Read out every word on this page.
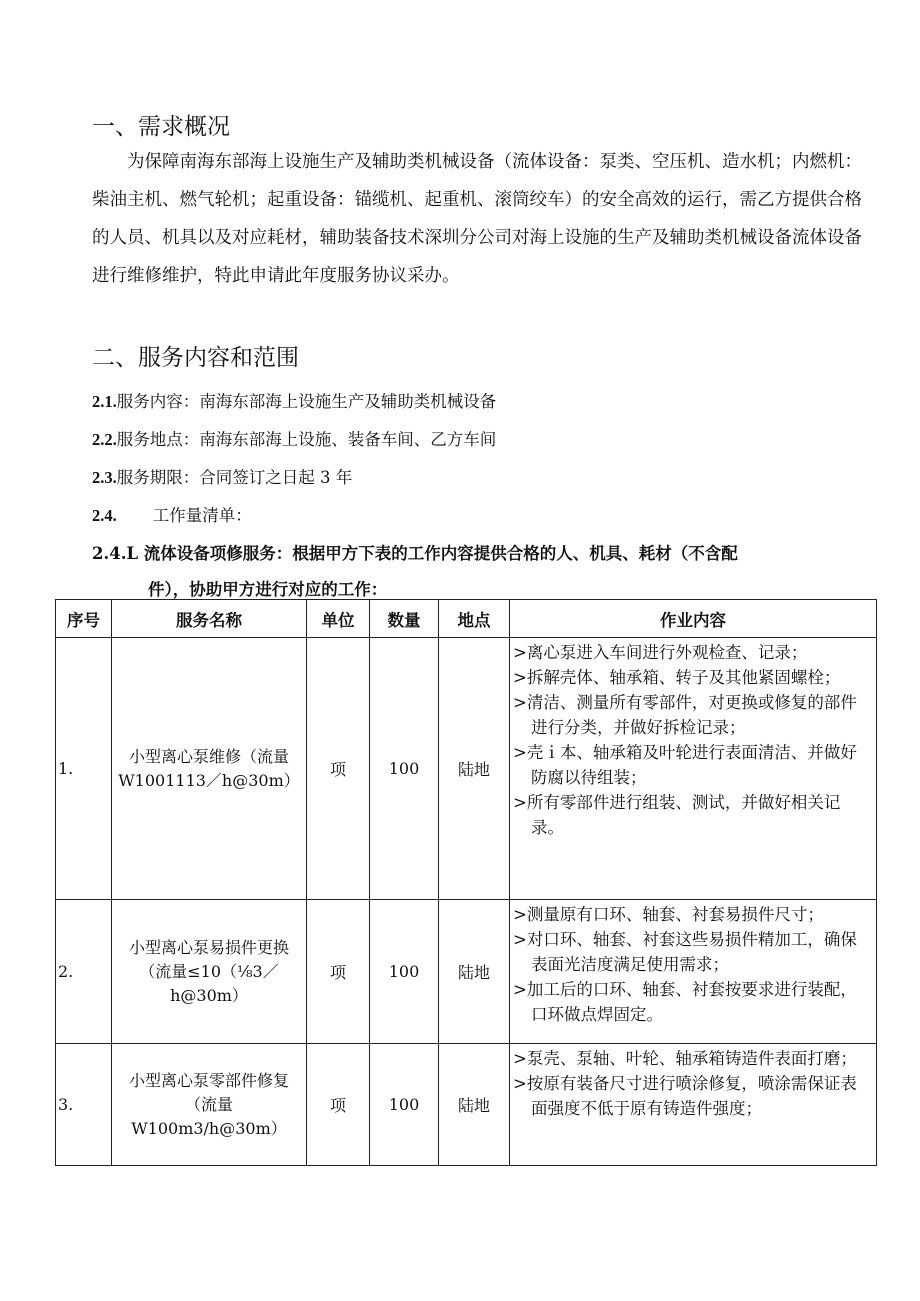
一、需求概况

为保障南海东部海上设施生产及辅助类机械设备（流体设备：泵类、空压机、造水机；内燃机：柴油主机、燃气轮机；起重设备：锚缆机、起重机、滚筒绞车）的安全高效的运行，需乙方提供合格的人员、机具以及对应耗材，辅助装备技术深圳分公司对海上设施的生产及辅助类机械设备流体设备进行维修维护，特此申请此年度服务协议采办。

二、服务内容和范围
2.1.服务内容：南海东部海上设施生产及辅助类机械设备
2.2.服务地点：南海东部海上设施、装备车间、乙方车间
2.3.服务期限：合同签订之日起 3 年
2.4. 工作量清单：
2.4.L 流体设备项修服务：根据甲方下表的工作内容提供合格的人、机具、耗材（不含配
件），协助甲方进行对应的工作：
序号	服务名称	单位	数量	地点	作业内容
1.	小型离心泵维修（流量W1001113／h@30m）	项	100	陆地	>离心泵进入车间进行外观检查、记录；
>拆解壳体、轴承箱、转子及其他紧固螺栓；
>清洁、测量所有零部件，对更换或修复的部件进行分类，并做好拆检记录；
>壳ｉ本、轴承箱及叶轮进行表面清洁、并做好防腐以待组装；
>所有零部件进行组装、测试，并做好相关记录。

2.	小型离心泵易损件更换（流量≤10（⅛3／h@30m）	项	100	陆地	>测量原有口环、轴套、衬套易损件尺寸；
>对口环、轴套、衬套这些易损件精加工，确保表面光洁度满足使用需求；
>加工后的口环、轴套、衬套按要求进行装配，口环做点焊固定。

3.	小型离心泵零部件修复（流量W100m3/h@30m）	项	100	陆地	>泵壳、泵轴、叶轮、轴承箱铸造件表面打磨；
>按原有装备尺寸进行喷涂修复，喷涂需保证表面强度不低于原有铸造件强度；
